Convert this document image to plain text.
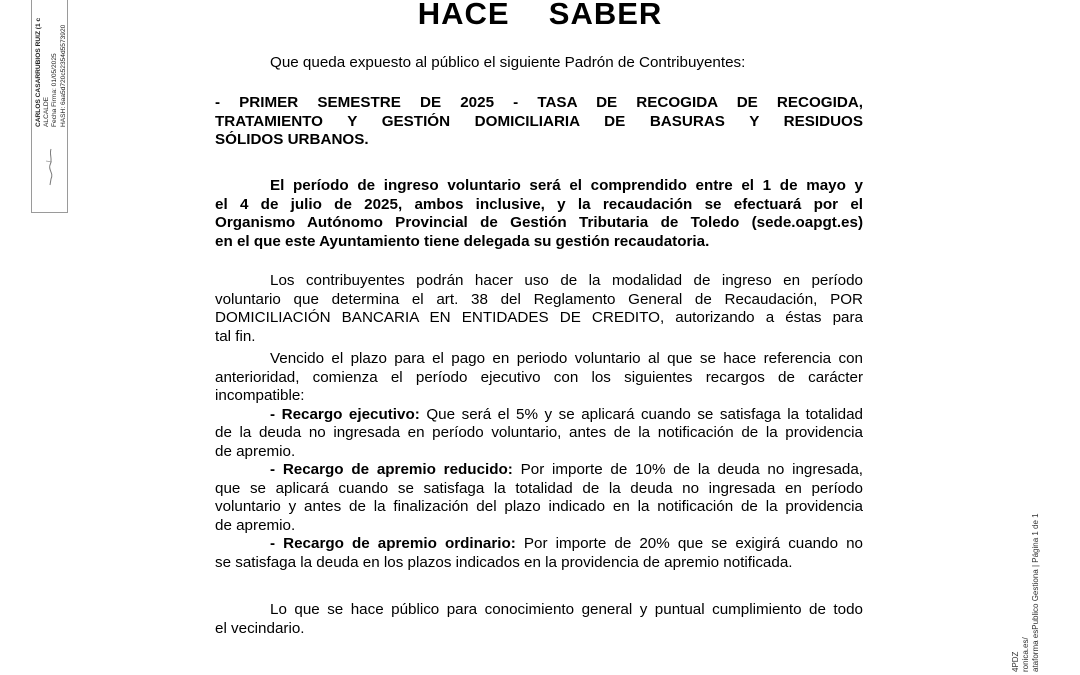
HACE  SABER
Que queda expuesto al público el siguiente Padrón de Contribuyentes:
- PRIMER SEMESTRE DE 2025 - TASA DE RECOGIDA DE RECOGIDA,
TRATAMIENTO Y GESTIÓN DOMICILIARIA DE BASURAS Y RESIDUOS
SÓLIDOS URBANOS.
El período de ingreso voluntario será el comprendido entre el 1 de mayo y
el 4 de julio de 2025, ambos inclusive, y la recaudación se efectuará por el
Organismo Autónomo Provincial de Gestión Tributaria de Toledo (sede.oapgt.es)
en el que este Ayuntamiento tiene delegada su gestión recaudatoria.
Los contribuyentes podrán hacer uso de la modalidad de ingreso en período
voluntario que determina el art. 38 del Reglamento General de Recaudación, POR
DOMICILIACIÓN BANCARIA EN ENTIDADES DE CREDITO, autorizando a éstas para
tal fin.
Vencido el plazo para el pago en periodo voluntario al que se hace referencia con
anterioridad, comienza el período ejecutivo con los siguientes recargos de carácter
incompatible:
- Recargo ejecutivo: Que será el 5% y se aplicará cuando se satisfaga la totalidad
de la deuda no ingresada en período voluntario, antes de la notificación de la providencia
de apremio.
- Recargo de apremio reducido: Por importe de 10% de la deuda no ingresada,
que se aplicará cuando se satisfaga la totalidad de la deuda no ingresada en período
voluntario y antes de la finalización del plazo indicado en la notificación de la providencia
de apremio.
- Recargo de apremio ordinario: Por importe de 20% que se exigirá cuando no
se satisfaga la deuda en los plazos indicados en la providencia de apremio notificada.
Lo que se hace público para conocimiento general y puntual cumplimiento de todo
el vecindario.
CARLOS CASARRUBIOS RUIZ (1 c ALCALDE Fecha Firma: 01/05/2025 HASH: 6aa5d720c52354d5573920
4PDZ ronica.es/ ataforma esPublico Gestiona | Página 1 de 1
